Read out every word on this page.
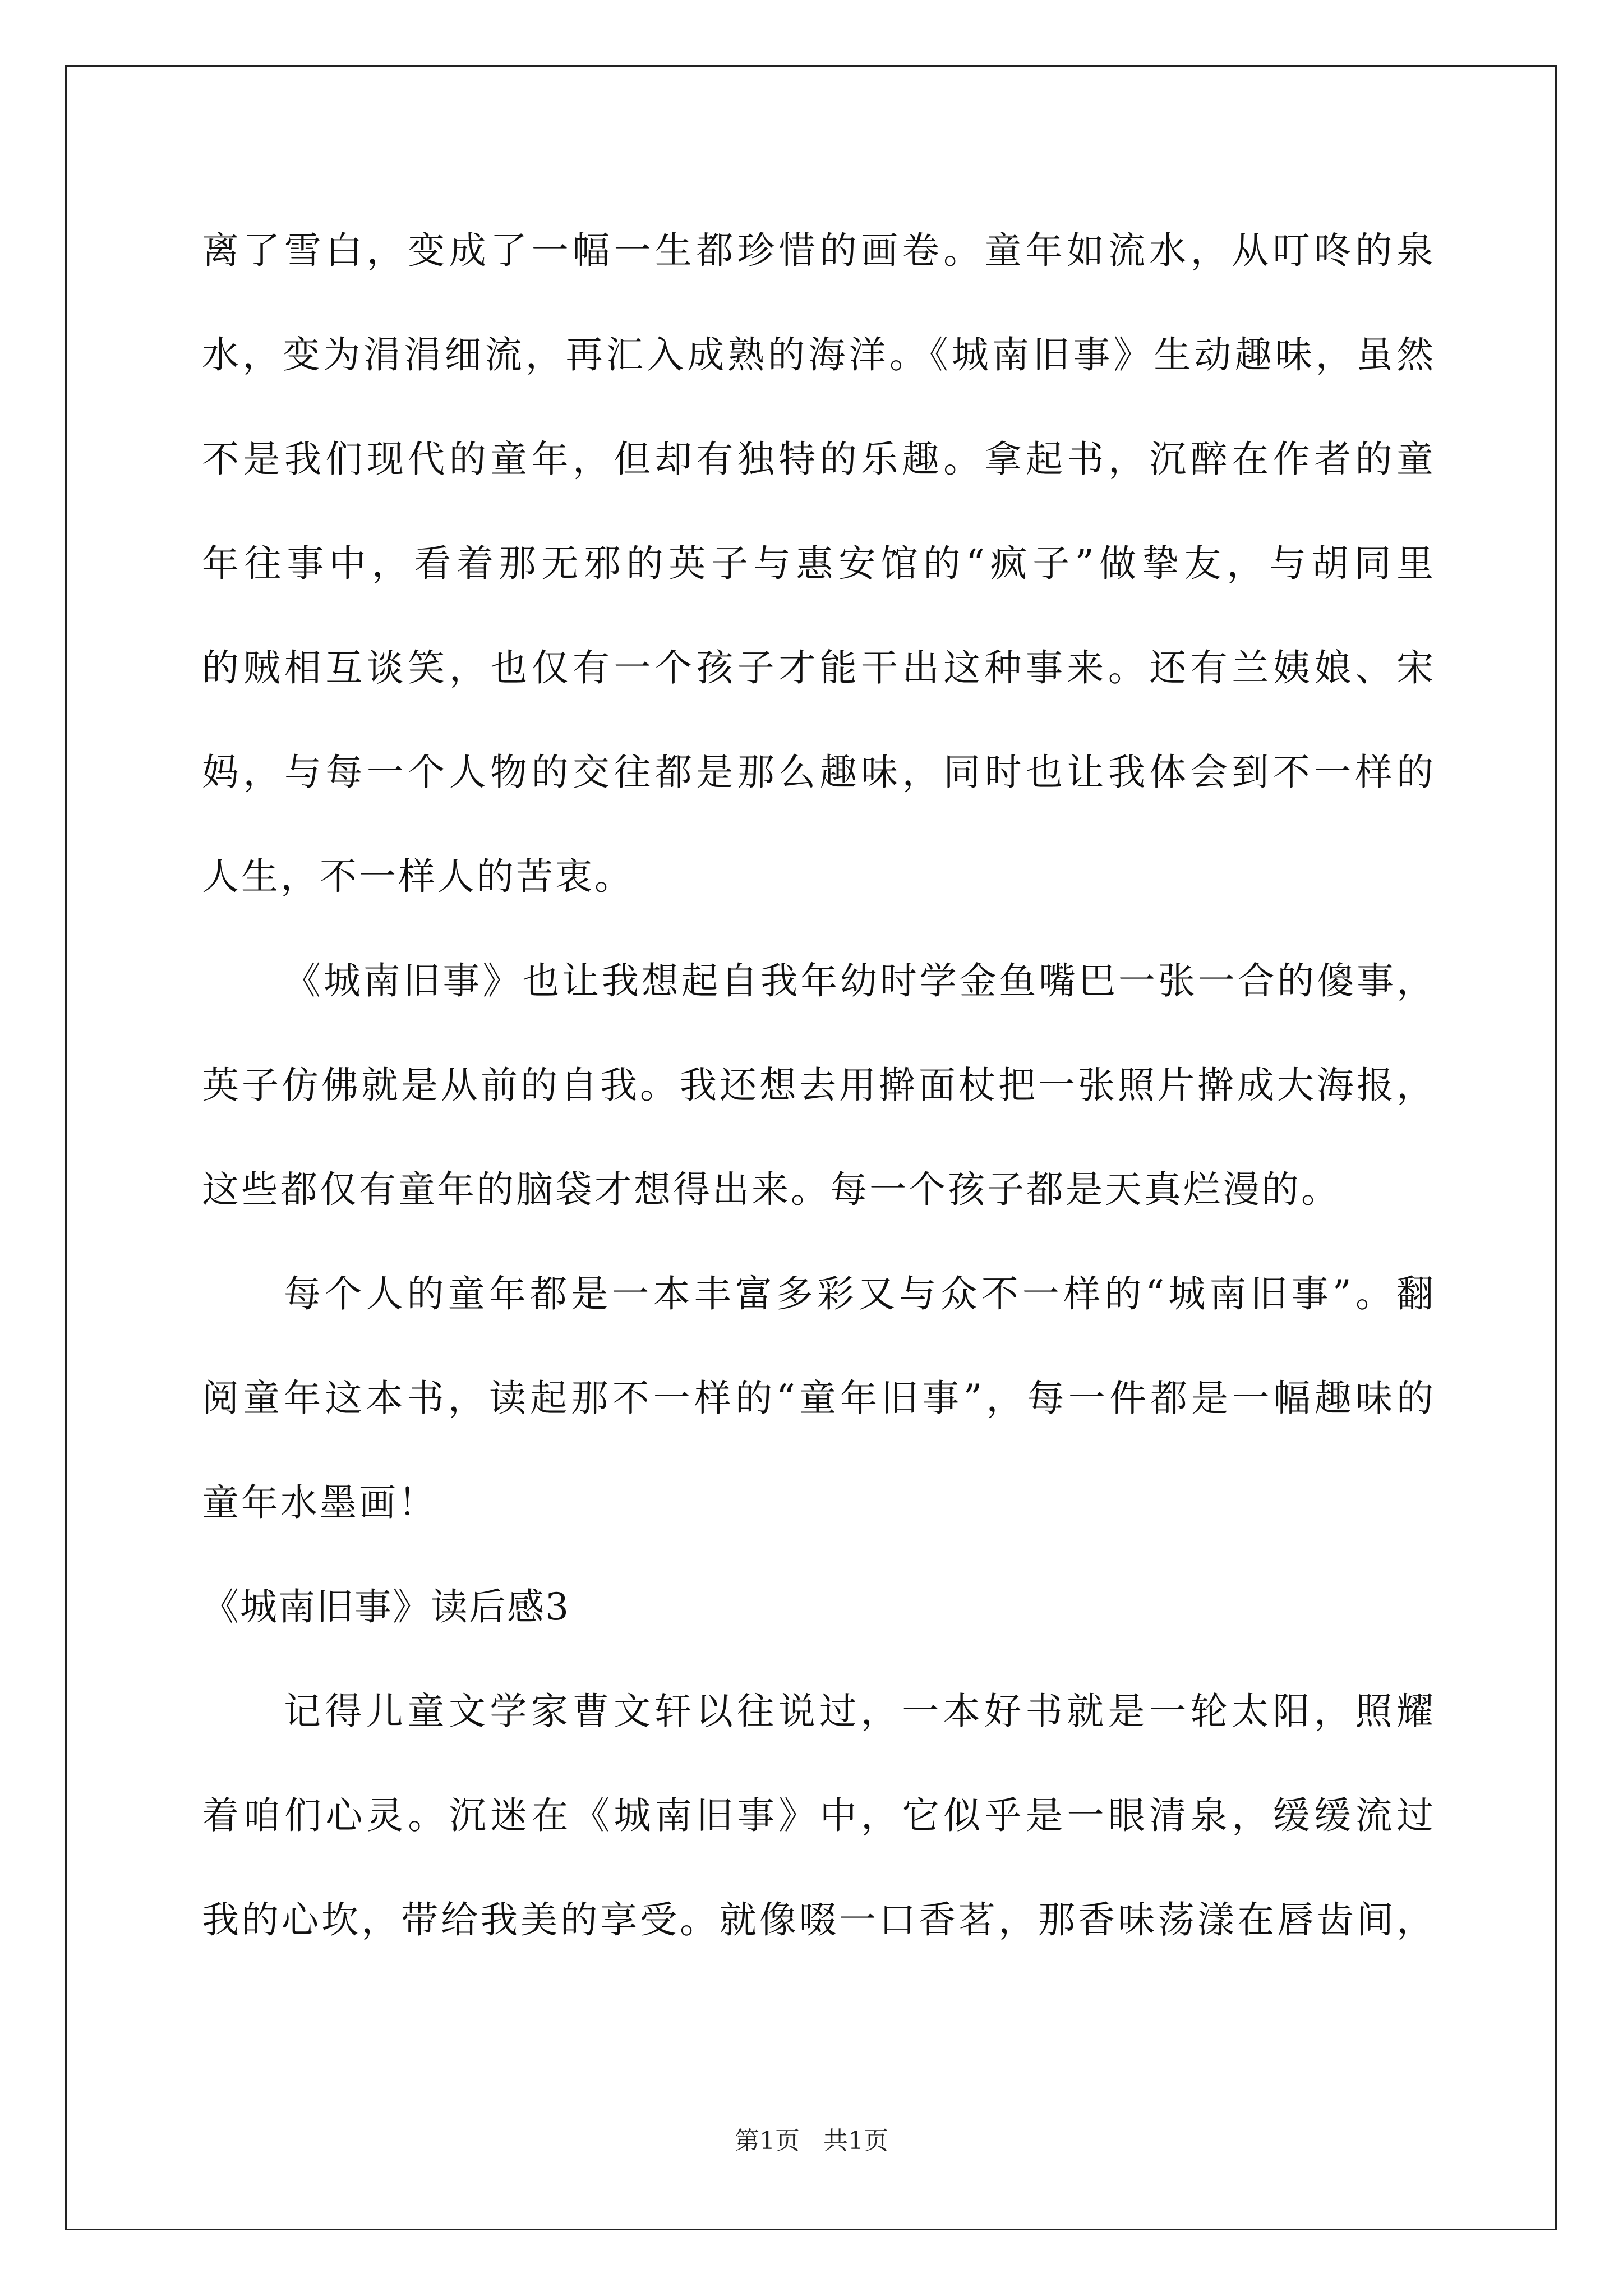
离了雪白，变成了一幅一生都珍惜的画卷。童年如流水，从叮咚的泉
水，变为涓涓细流，再汇入成熟的海洋。《城南旧事》生动趣味，虽然
不是我们现代的童年，但却有独特的乐趣。拿起书，沉醉在作者的童
年往事中，看着那无邪的英子与惠安馆的“疯子”做挚友，与胡同里
的贼相互谈笑，也仅有一个孩子才能干出这种事来。还有兰姨娘、宋
妈，与每一个人物的交往都是那么趣味，同时也让我体会到不一样的
人生，不一样人的苦衷。
《城南旧事》也让我想起自我年幼时学金鱼嘴巴一张一合的傻事，
英子仿佛就是从前的自我。我还想去用擀面杖把一张照片擀成大海报，
这些都仅有童年的脑袋才想得出来。每一个孩子都是天真烂漫的。
每个人的童年都是一本丰富多彩又与众不一样的“城南旧事”。翻
阅童年这本书，读起那不一样的“童年旧事”，每一件都是一幅趣味的
童年水墨画！
《城南旧事》读后感3
记得儿童文学家曹文轩以往说过，一本好书就是一轮太阳，照耀
着咱们心灵。沉迷在《城南旧事》中，它似乎是一眼清泉，缓缓流过
我的心坎，带给我美的享受。就像啜一口香茗，那香味荡漾在唇齿间，
第1页   共1页
